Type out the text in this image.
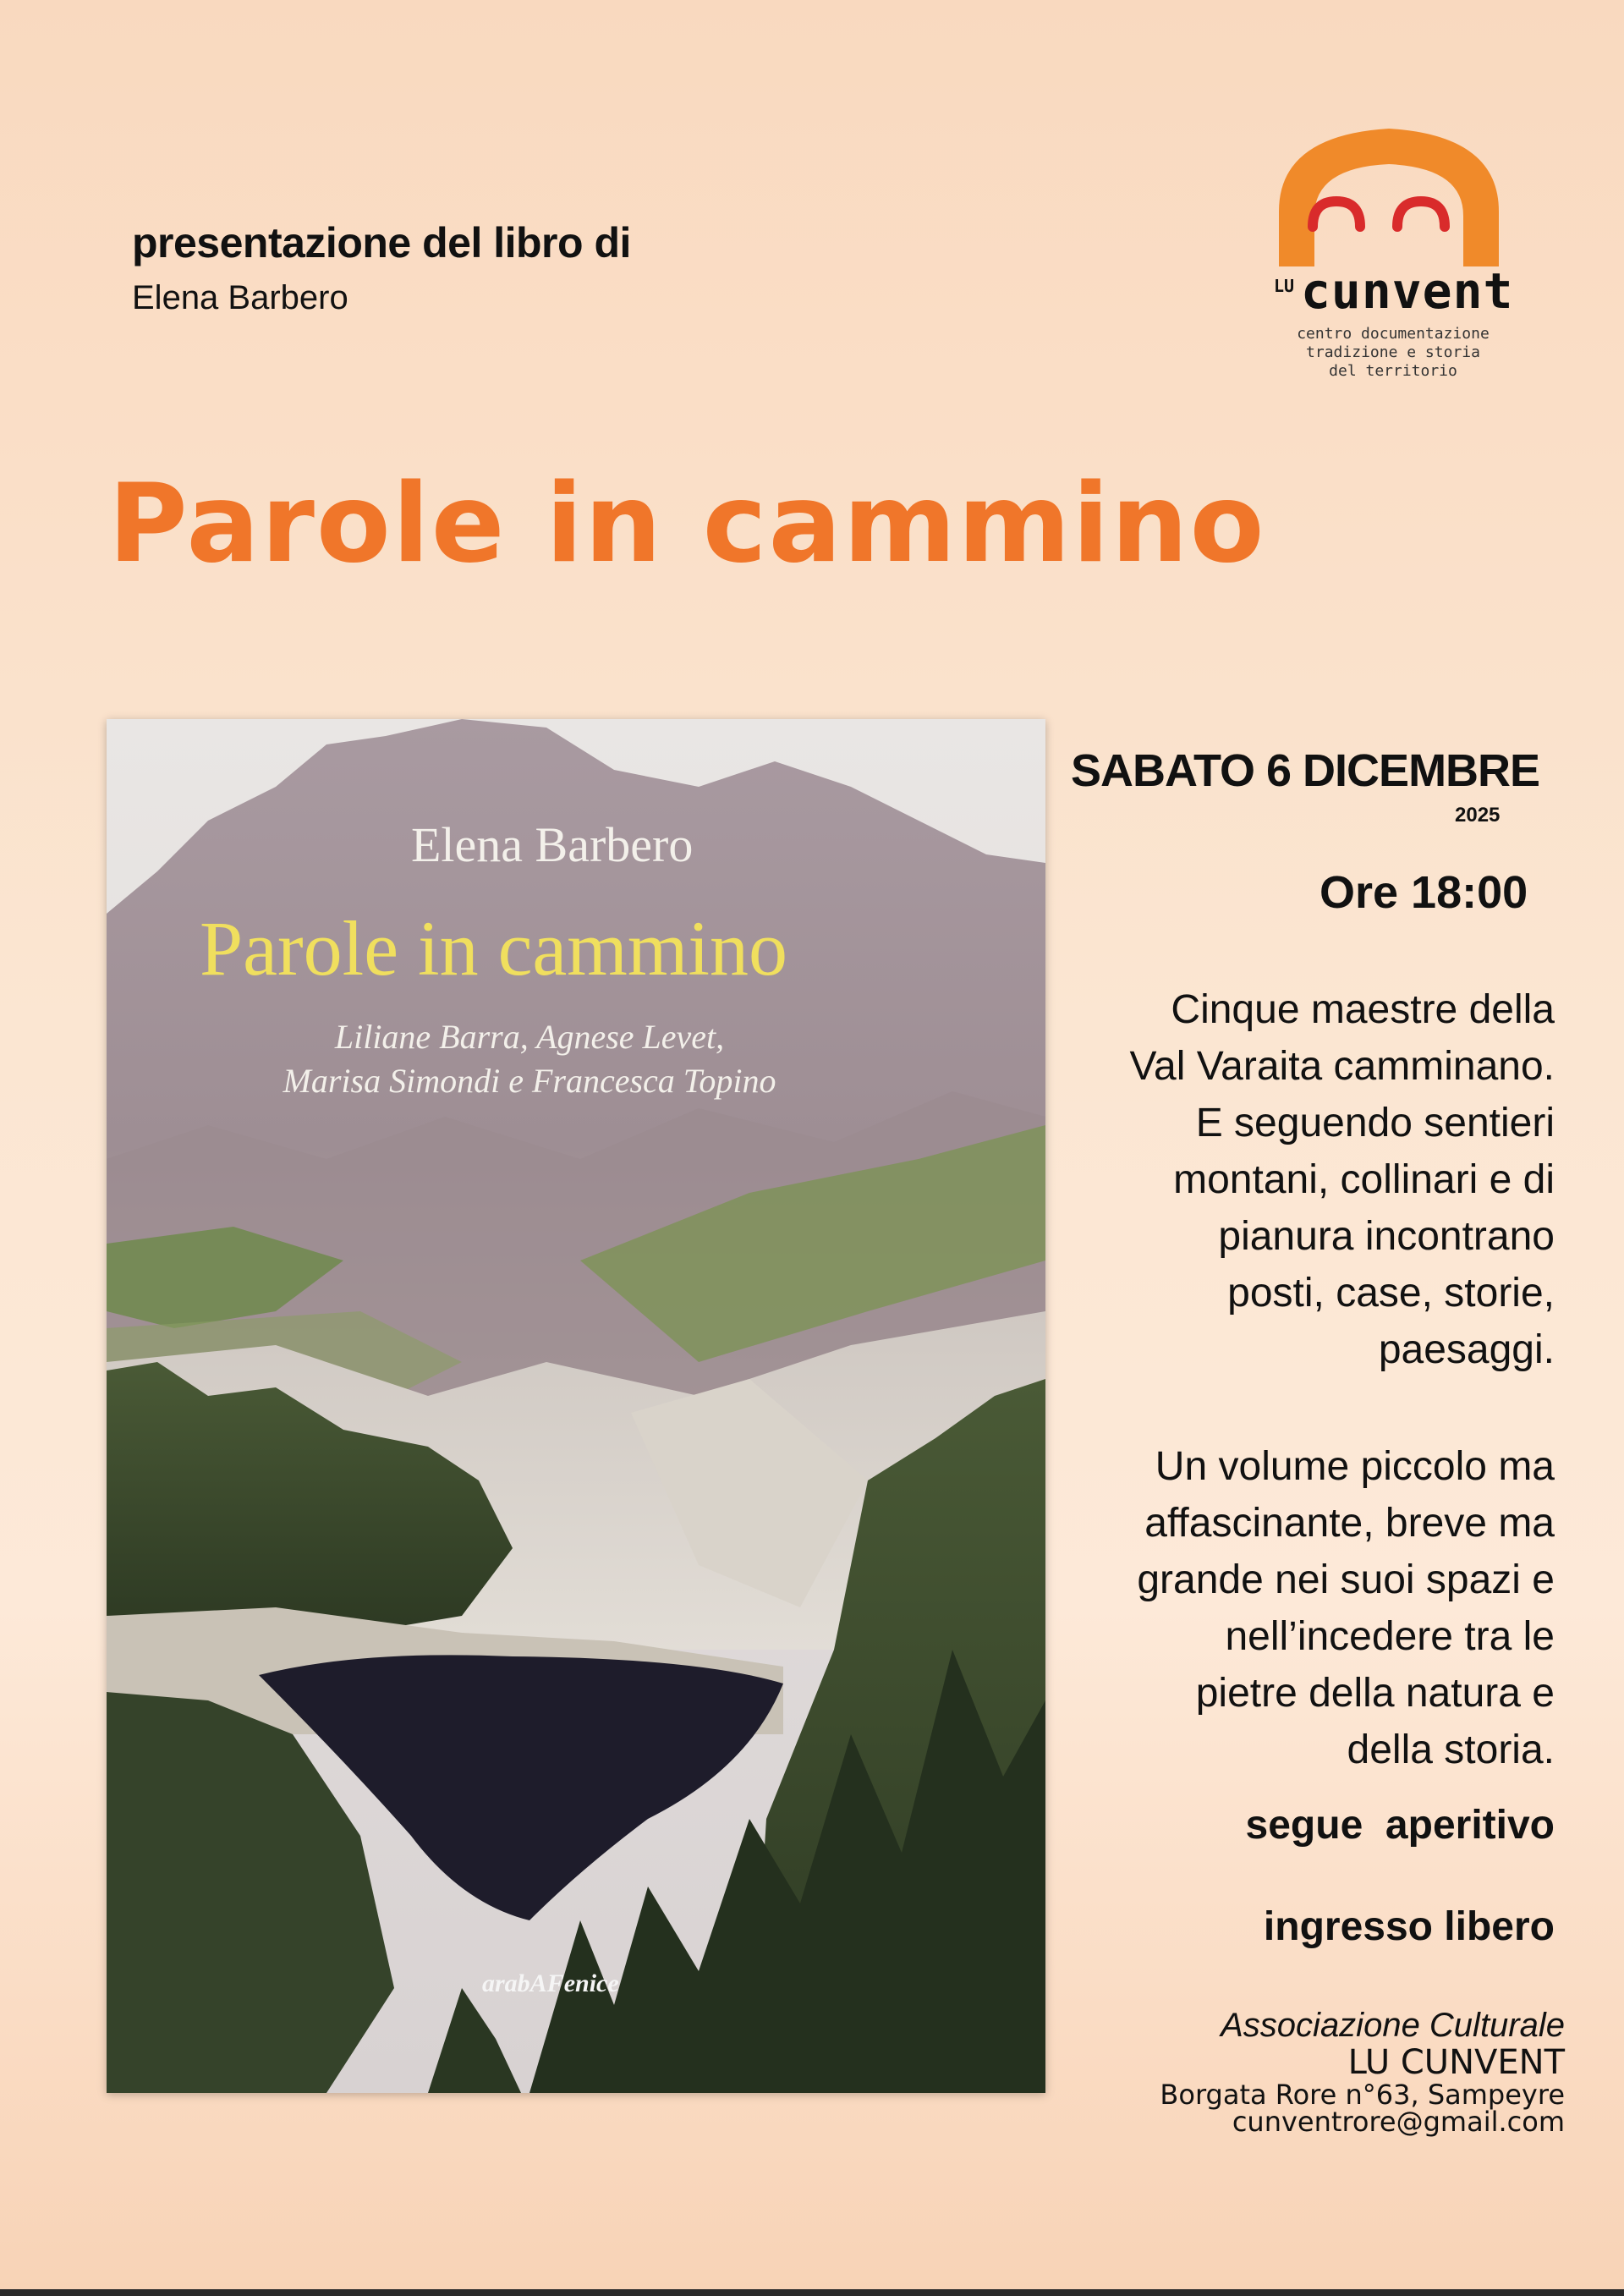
presentazione del libro di
Elena Barbero	LU cunvent
centro documentazione
tradizione e storia
del territorio
Parole in cammino
Elena Barbero
Parole in cammino
Liliane Barra, Agnese Levet,
Marisa Simondi e Francesca Topino
arabAFenice
SABATO 6 DICEMBRE
2025
Ore 18:00
Cinque maestre della
Val Varaita camminano.
E seguendo sentieri
montani, collinari e di
pianura incontrano
posti, case, storie,
paesaggi.
Un volume piccolo ma
affascinante, breve ma
grande nei suoi spazi e
nell’incedere tra le
pietre della natura e
della storia.
segue  aperitivo
ingresso libero
Associazione Culturale
LU CUNVENT
Borgata Rore n°63, Sampeyre
cunventrore@gmail.com
